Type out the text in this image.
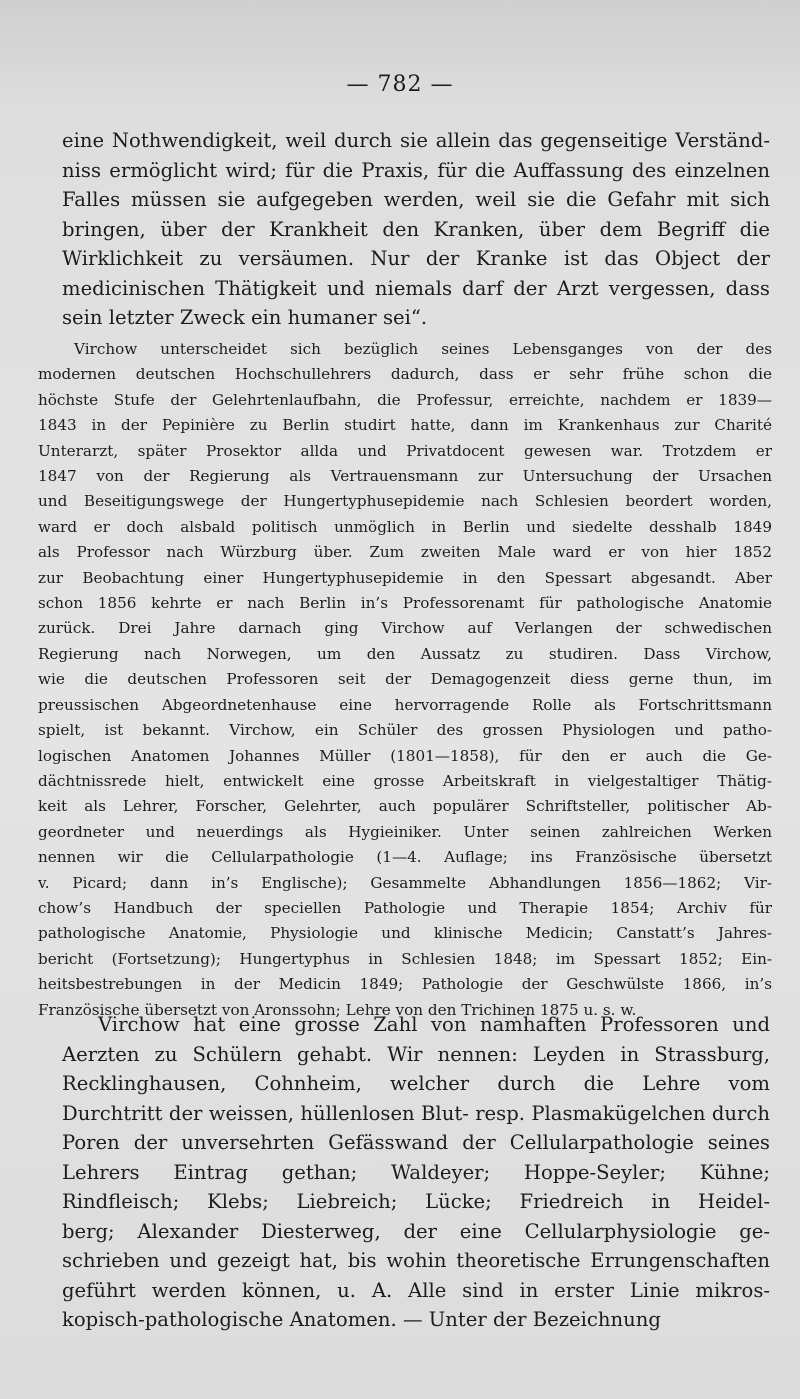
— 782 —
eine Nothwendigkeit, weil durch sie allein das gegenseitige Verständ-
niss ermöglicht wird; für die Praxis, für die Auffassung des einzelnen
Falles müssen sie aufgegeben werden, weil sie die Gefahr mit sich
bringen, über der Krankheit den Kranken, über dem Begriff die
Wirklichkeit zu versäumen. Nur der Kranke ist das Object der
medicinischen Thätigkeit und niemals darf der Arzt vergessen, dass
sein letzter Zweck ein humaner sei“.
Virchow unterscheidet sich bezüglich seines Lebensganges von der des
modernen deutschen Hochschullehrers dadurch, dass er sehr frühe schon die
höchste Stufe der Gelehrtenlaufbahn, die Professur, erreichte, nachdem er 1839—
1843 in der Pepinière zu Berlin studirt hatte, dann im Krankenhaus zur Charité
Unterarzt, später Prosektor allda und Privatdocent gewesen war. Trotzdem er
1847 von der Regierung als Vertrauensmann zur Untersuchung der Ursachen
und Beseitigungswege der Hungertyphusepidemie nach Schlesien beordert worden,
ward er doch alsbald politisch unmöglich in Berlin und siedelte desshalb 1849
als Professor nach Würzburg über. Zum zweiten Male ward er von hier 1852
zur Beobachtung einer Hungertyphusepidemie in den Spessart abgesandt. Aber
schon 1856 kehrte er nach Berlin in’s Professorenamt für pathologische Anatomie
zurück. Drei Jahre darnach ging Virchow auf Verlangen der schwedischen
Regierung nach Norwegen, um den Aussatz zu studiren. Dass Virchow,
wie die deutschen Professoren seit der Demagogenzeit diess gerne thun, im
preussischen Abgeordnetenhause eine hervorragende Rolle als Fortschrittsmann
spielt, ist bekannt. Virchow, ein Schüler des grossen Physiologen und patho-
logischen Anatomen Johannes Müller (1801—1858), für den er auch die Ge-
dächtnissrede hielt, entwickelt eine grosse Arbeitskraft in vielgestaltiger Thätig-
keit als Lehrer, Forscher, Gelehrter, auch populärer Schriftsteller, politischer Ab-
geordneter und neuerdings als Hygieiniker. Unter seinen zahlreichen Werken
nennen wir die Cellularpathologie (1—4. Auflage; ins Französische übersetzt
v. Picard; dann in’s Englische); Gesammelte Abhandlungen 1856—1862; Vir-
chow’s Handbuch der speciellen Pathologie und Therapie 1854; Archiv für
pathologische Anatomie, Physiologie und klinische Medicin; Canstatt’s Jahres-
bericht (Fortsetzung); Hungertyphus in Schlesien 1848; im Spessart 1852; Ein-
heitsbestrebungen in der Medicin 1849; Pathologie der Geschwülste 1866, in’s
Französische übersetzt von Aronssohn; Lehre von den Trichinen 1875 u. s. w.
Virchow hat eine grosse Zahl von namhaften Professoren und
Aerzten zu Schülern gehabt. Wir nennen: Leyden in Strassburg,
Recklinghausen, Cohnheim, welcher durch die Lehre vom
Durchtritt der weissen, hüllenlosen Blut- resp. Plasmakügelchen durch
Poren der unversehrten Gefässwand der Cellularpathologie seines
Lehrers Eintrag gethan; Waldeyer; Hoppe-Seyler; Kühne;
Rindfleisch; Klebs; Liebreich; Lücke; Friedreich in Heidel-
berg; Alexander Diesterweg, der eine Cellularphysiologie ge-
schrieben und gezeigt hat, bis wohin theoretische Errungenschaften
geführt werden können, u. A. Alle sind in erster Linie mikros-
kopisch-pathologische Anatomen. — Unter der Bezeichnung
